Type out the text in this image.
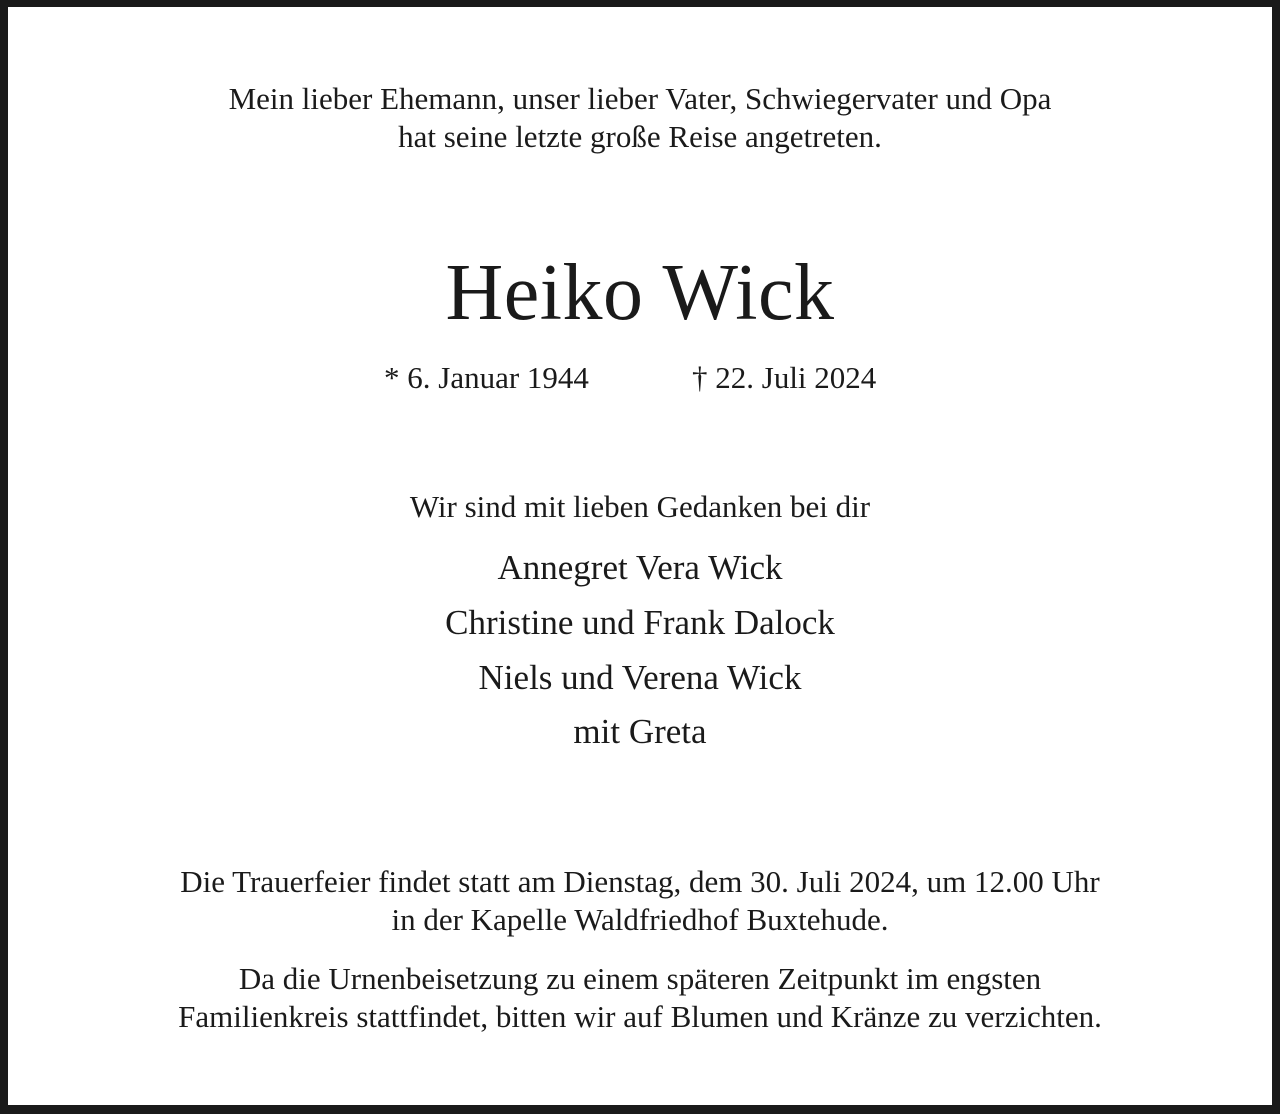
Mein lieber Ehemann, unser lieber Vater, Schwiegervater und Opa
hat seine letzte große Reise angetreten.
Heiko Wick
* 6. Januar 1944	† 22. Juli 2024
Wir sind mit lieben Gedanken bei dir
Annegret Vera Wick
Christine und Frank Dalock
Niels und Verena Wick
mit Greta
Die Trauerfeier findet statt am Dienstag, dem 30. Juli 2024, um 12.00 Uhr
in der Kapelle Waldfriedhof Buxtehude.
Da die Urnenbeisetzung zu einem späteren Zeitpunkt im engsten
Familienkreis stattfindet, bitten wir auf Blumen und Kränze zu verzichten.
